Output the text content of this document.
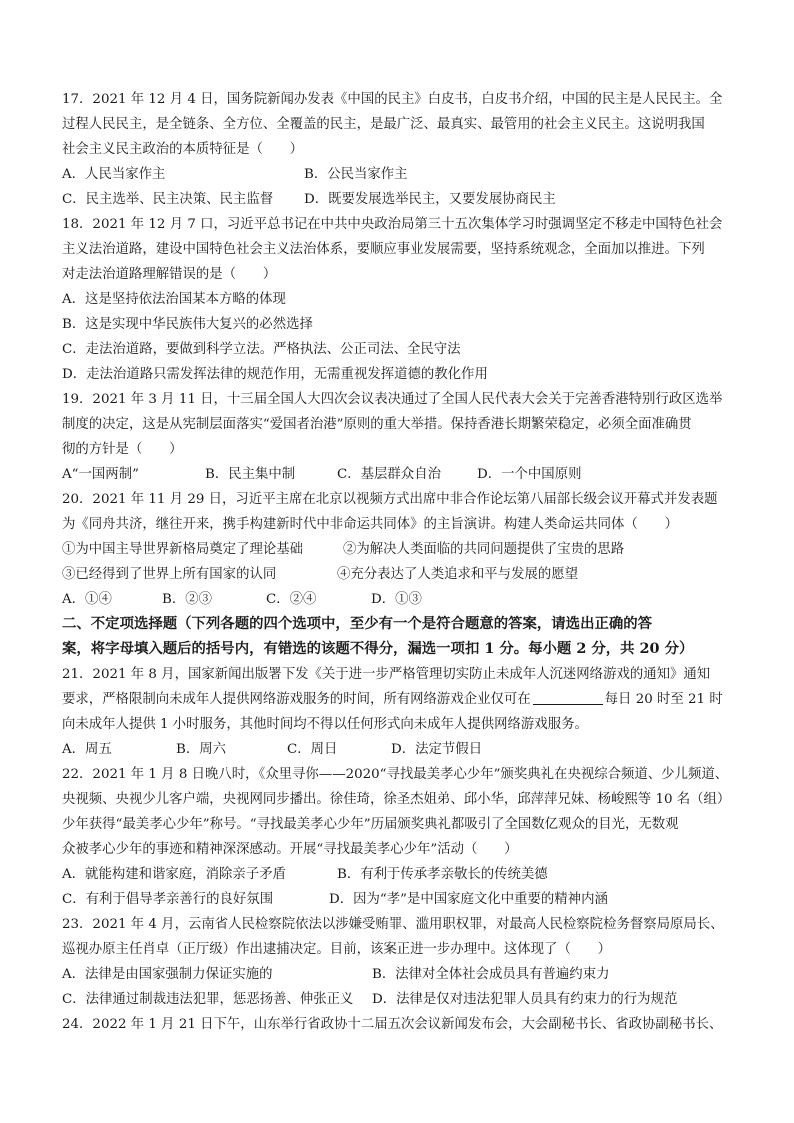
17．2021 年 12 月 4 日，国务院新闻办发表《中国的民主》白皮书，白皮书介绍，中国的民主是人民民主。全
过程人民民主，是全链条、全方位、全覆盖的民主，是最广泛、最真实、最管用的社会主义民主。这说明我国
社会主义民主政治的本质特征是（　　）
A．人民当家作主	B．公民当家作主
C．民主选举、民主决策、民主监督 D．既要发展选举民主，又要发展协商民主
18．2021 年 12 月 7 口，习近平总书记在中共中央政治局第三十五次集体学习时强调坚定不移走中国特色社会
主义法治道路，建设中国特色社会主义法治体系，要顺应事业发展需要，坚持系统观念，全面加以推进。下列
对走法治道路理解错误的是（　　）
A．这是坚持依法治国某本方略的体现
B．这是实现中华民族伟大复兴的必然选择
C．走法治道路，要做到科学立法。严格执法、公正司法、全民守法
D．走法治道路只需发挥法律的规范作用，无需重视发挥道德的教化作用
19．2021 年 3 月 11 日，十三届全国人大四次会议表决通过了全国人民代表大会关于完善香港特别行政区选举
制度的决定，这是从宪制层面落实“爱国者治港”原则的重大举措。保持香港长期繁荣稳定，必须全面准确贯
彻的方针是（　　）
A“一国两制”	B．民主集中制	C．基层群众自治	D．一个中国原则
20．2021 年 11 月 29 日，习近平主席在北京以视频方式出席中非合作论坛第八届部长级会议开幕式并发表题
为《同舟共济，继往开来，携手构建新时代中非命运共同体》的主旨演讲。构建人类命运共同体（　　）
①为中国主导世界新格局奠定了理论基础	②为解决人类面临的共同问题提供了宝贵的思路
③已经得到了世界上所有国家的认同	④充分表达了人类追求和平与发展的愿望
A．①④	B．②③	C．②④	D．①③
二、不定项选择题（下列各题的四个选项中，至少有一个是符合题意的答案，请选出正确的答
案，将字母填入题后的括号内，有错选的该题不得分，漏选一项扣 1 分。每小题 2 分，共 20 分）
21．2021 年 8 月，国家新闻出版署下发《关于进一步严格管理切实防止未成年人沉迷网络游戏的通知》通知
要求，严格限制向未成年人提供网络游戏服务的时间，所有网络游戏企业仅可在	每日 20 时至 21 时
向未成年人提供 1 小时服务，其他时间均不得以任何形式向未成年人提供网络游戏服务。
A．周五	B．周六	C．周日	D．法定节假日
22．2021 年 1 月 8 日晚八时，《众里寻你——2020“寻找最美孝心少年”颁奖典礼在央视综合频道、少儿频道、
央视频、央视少儿客户端，央视网同步播出。徐佳琦，徐圣杰姐弟、邱小华，邱萍萍兄妹、杨峻熙等 10 名（组）
少年获得“最美孝心少年”称号。“寻找最美孝心少年”历届颁奖典礼都吸引了全国数亿观众的目光，无数观
众被孝心少年的事迹和精神深深感动。开展“寻找最美孝心少年”活动（　　）
A．就能构建和谐家庭，消除亲子矛盾	B．有利于传承孝亲敬长的传统美德
C．有利于倡导孝亲善行的良好氛围	D．因为“孝”是中国家庭文化中重要的精神内涵
23．2021 年 4 月，云南省人民检察院依法以涉嫌受贿罪、滥用职权罪，对最高人民检察院检务督察局原局长、
巡视办原主任肖卓（正厅级）作出逮捕决定。目前，该案正进一步办理中。这体现了（　　）
A．法律是由国家强制力保证实施的	B．法律对全体社会成员具有普遍约束力
C．法律通过制裁违法犯罪，惩恶扬善、伸张正义 D．法律是仅对违法犯罪人员具有约束力的行为规范
24．2022 年 1 月 21 日下午，山东举行省政协十二届五次会议新闻发布会，大会副秘书长、省政协副秘书长、
